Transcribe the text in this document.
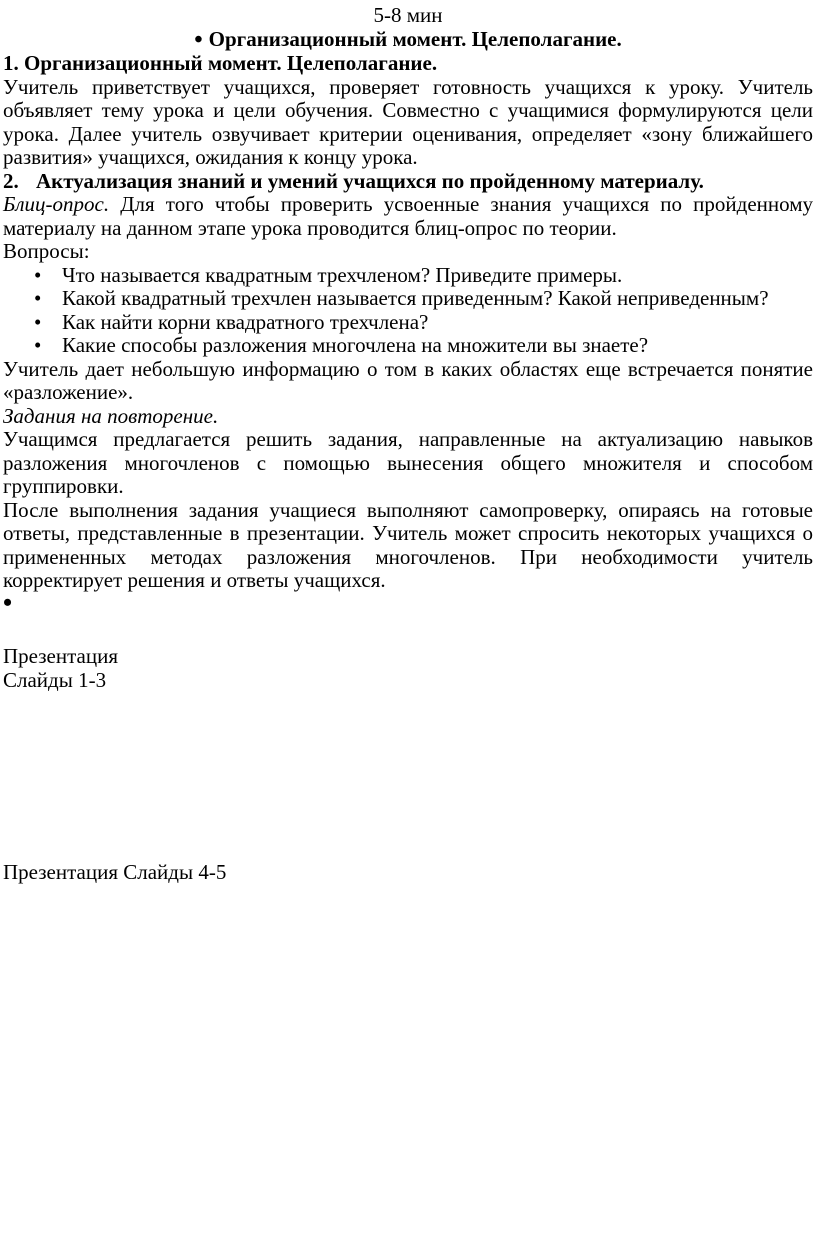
5-8 мин

• Организационный момент. Целеполагание.

1. Организационный момент. Целеполагание.

Учитель приветствует учащихся, проверяет готовность учащихся к уроку. Учитель объявляет тему урока и цели обучения. Совместно с учащимися формулируются цели урока. Далее учитель озвучивает критерии оценивания, определяет «зону ближайшего развития» учащихся, ожидания к концу урока.

2. Актуализация знаний и умений учащихся по пройденному материалу.

Блиц-опрос. Для того чтобы проверить усвоенные знания учащихся по пройденному материалу на данном этапе урока проводится блиц-опрос по теории.

Вопросы:

• Что называется квадратным трехчленом? Приведите примеры.
• Какой квадратный трехчлен называется приведенным? Какой неприведенным?
• Как найти корни квадратного трехчлена?
• Какие способы разложения многочлена на множители вы знаете?

Учитель дает небольшую информацию о том в каких областях еще встречается понятие «разложение».

Задания на повторение.

Учащимся предлагается решить задания, направленные на актуализацию навыков разложения многочленов с помощью вынесения общего множителя и способом группировки.

После выполнения задания учащиеся выполняют самопроверку, опираясь на готовые ответы, представленные в презентации. Учитель может спросить некоторых учащихся о примененных методах разложения многочленов. При необходимости учитель корректирует решения и ответы учащихся.

•

Презентация

Слайды 1-3

Презентация Слайды 4-5
